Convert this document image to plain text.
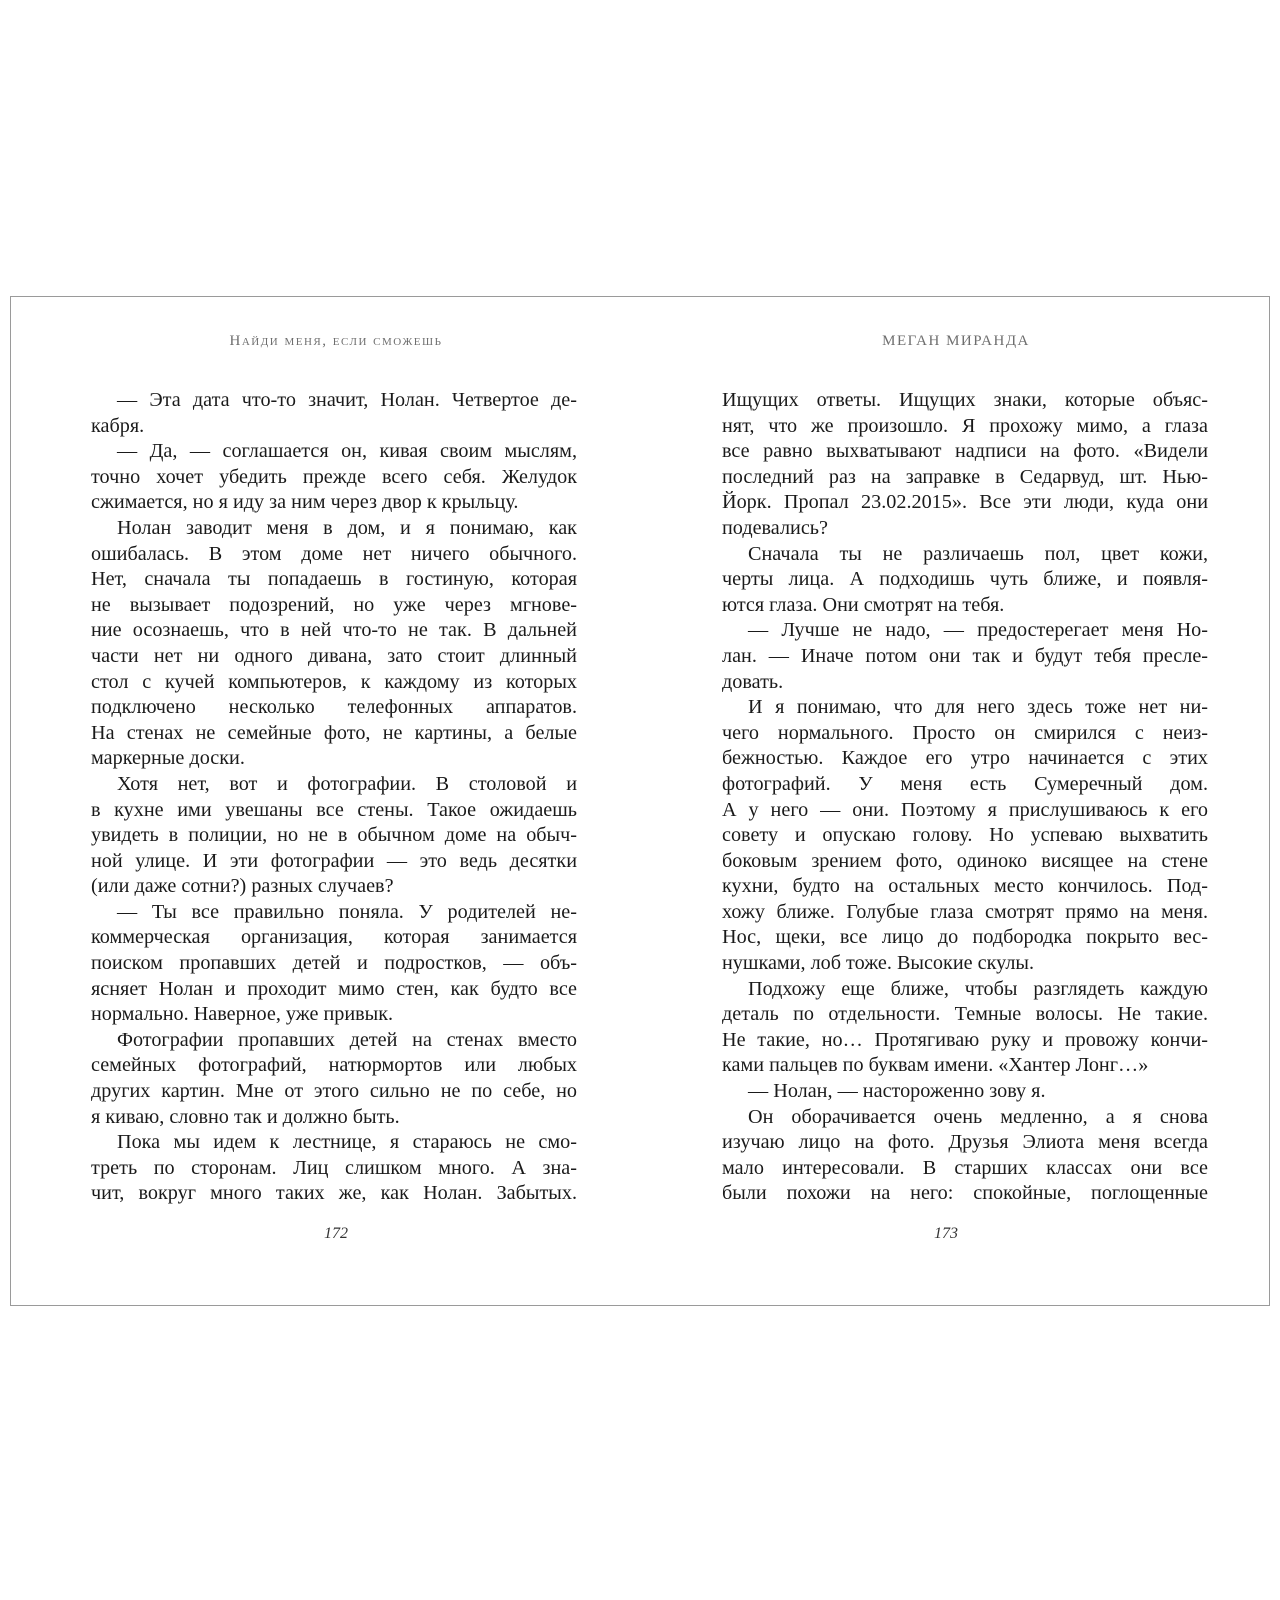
Найди меня, если сможешь
— Эта дата что-то значит, Нолан. Четвертое де-
кабря.
— Да, — соглашается он, кивая своим мыслям,
точно хочет убедить прежде всего себя. Желудок
сжимается, но я иду за ним через двор к крыльцу.
Нолан заводит меня в дом, и я понимаю, как
ошибалась. В этом доме нет ничего обычного.
Нет, сначала ты попадаешь в гостиную, которая
не вызывает подозрений, но уже через мгнове-
ние осознаешь, что в ней что-то не так. В дальней
части нет ни одного дивана, зато стоит длинный
стол с кучей компьютеров, к каждому из которых
подключено несколько телефонных аппаратов.
На стенах не семейные фото, не картины, а белые
маркерные доски.
Хотя нет, вот и фотографии. В столовой и
в кухне ими увешаны все стены. Такое ожидаешь
увидеть в полиции, но не в обычном доме на обыч-
ной улице. И эти фотографии — это ведь десятки
(или даже сотни?) разных случаев?
— Ты все правильно поняла. У родителей не-
коммерческая организация, которая занимается
поиском пропавших детей и подростков, — объ-
ясняет Нолан и проходит мимо стен, как будто все
нормально. Наверное, уже привык.
Фотографии пропавших детей на стенах вместо
семейных фотографий, натюрмортов или любых
других картин. Мне от этого сильно не по себе, но
я киваю, словно так и должно быть.
Пока мы идем к лестнице, я стараюсь не смо-
треть по сторонам. Лиц слишком много. А зна-
чит, вокруг много таких же, как Нолан. Забытых.
172
МЕГАН МИРАНДА
Ищущих ответы. Ищущих знаки, которые объяс-
нят, что же произошло. Я прохожу мимо, а глаза
все равно выхватывают надписи на фото. «Видели
последний раз на заправке в Седарвуд, шт. Нью-
Йорк. Пропал 23.02.2015». Все эти люди, куда они
подевались?
Сначала ты не различаешь пол, цвет кожи,
черты лица. А подходишь чуть ближе, и появля-
ются глаза. Они смотрят на тебя.
— Лучше не надо, — предостерегает меня Но-
лан. — Иначе потом они так и будут тебя пресле-
довать.
И я понимаю, что для него здесь тоже нет ни-
чего нормального. Просто он смирился с неиз-
бежностью. Каждое его утро начинается с этих
фотографий. У меня есть Сумеречный дом.
А у него — они. Поэтому я прислушиваюсь к его
совету и опускаю голову. Но успеваю выхватить
боковым зрением фото, одиноко висящее на стене
кухни, будто на остальных место кончилось. Под-
хожу ближе. Голубые глаза смотрят прямо на меня.
Нос, щеки, все лицо до подбородка покрыто вес-
нушками, лоб тоже. Высокие скулы.
Подхожу еще ближе, чтобы разглядеть каждую
деталь по отдельности. Темные волосы. Не такие.
Не такие, но… Протягиваю руку и провожу кончи-
ками пальцев по буквам имени. «Хантер Лонг…»
— Нолан, — настороженно зову я.
Он оборачивается очень медленно, а я снова
изучаю лицо на фото. Друзья Элиота меня всегда
мало интересовали. В старших классах они все
были похожи на него: спокойные, поглощенные
173
